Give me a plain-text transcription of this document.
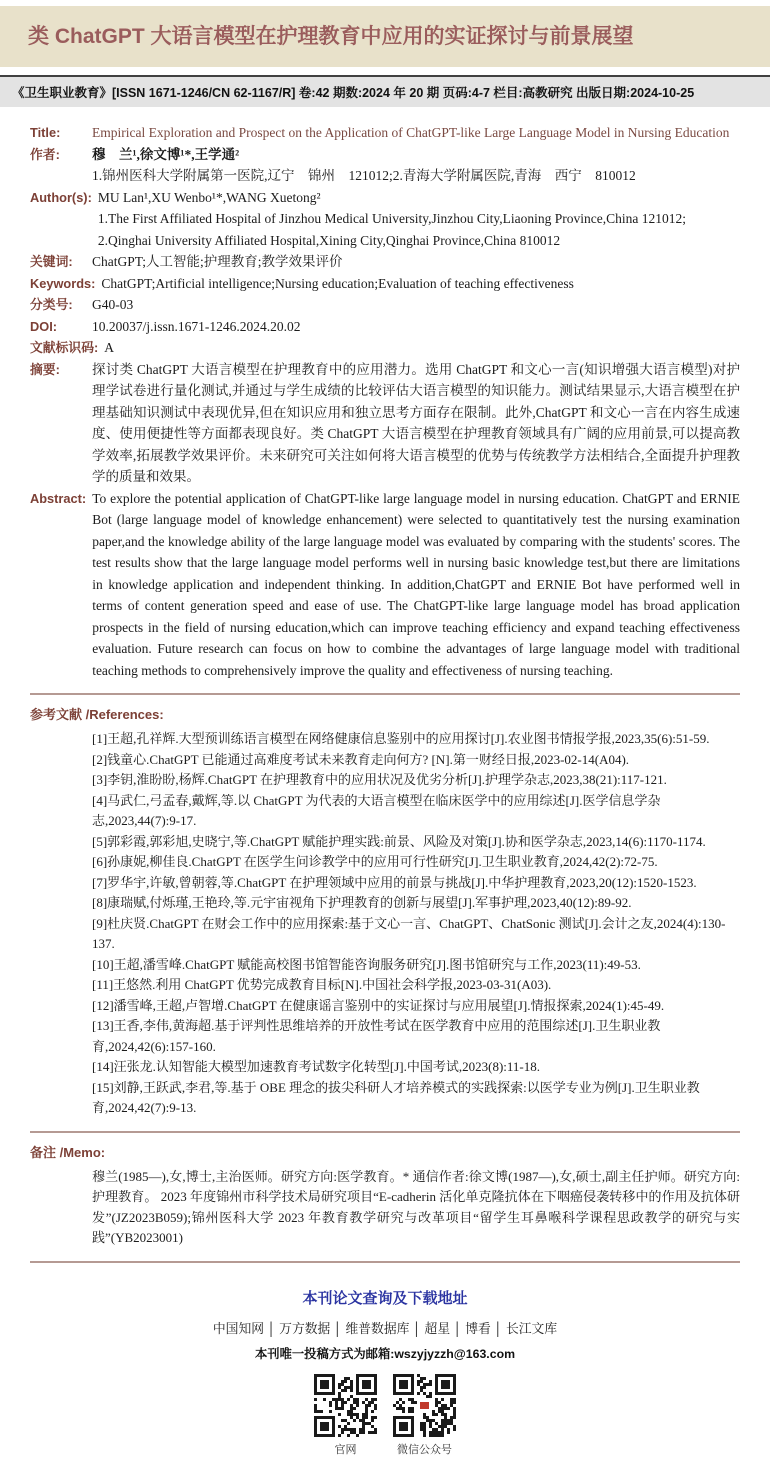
类 ChatGPT 大语言模型在护理教育中应用的实证探讨与前景展望
《卫生职业教育》[ISSN 1671-1246/CN 62-1167/R] 卷:42 期数:2024 年 20 期 页码:4-7 栏目:高教研究 出版日期:2024-10-25
Title:	Empirical Exploration and Prospect on the Application of ChatGPT-like Large Language Model in Nursing Education
作者:	穆　兰¹,徐文博¹*,王学通²
1.锦州医科大学附属第一医院,辽宁　锦州　121012;2.青海大学附属医院,青海　西宁　810012
Author(s): MU Lan¹,XU Wenbo¹*,WANG Xuetong²
1.The First Affiliated Hospital of Jinzhou Medical University,Jinzhou City,Liaoning Province,China 121012;
2.Qinghai University Affiliated Hospital,Xining City,Qinghai Province,China 810012
关键词:	ChatGPT;人工智能;护理教育;教学效果评价
Keywords: ChatGPT;Artificial intelligence;Nursing education;Evaluation of teaching effectiveness
分类号:	G40-03
DOI:	10.20037/j.issn.1671-1246.2024.20.02
文献标识码: A
摘要:	探讨类 ChatGPT 大语言模型在护理教育中的应用潜力。选用 ChatGPT 和文心一言(知识增强大语言模型)对护理学试卷进行量化测试,并通过与学生成绩的比较评估大语言模型的知识能力。测试结果显示,大语言模型在护理基础知识测试中表现优异,但在知识应用和独立思考方面存在限制。此外,ChatGPT 和文心一言在内容生成速度、使用便捷性等方面都表现良好。类 ChatGPT 大语言模型在护理教育领域具有广阔的应用前景,可以提高教学效率,拓展教学效果评价。未来研究可关注如何将大语言模型的优势与传统教学方法相结合,全面提升护理教学的质量和效果。
Abstract: To explore the potential application of ChatGPT-like large language model in nursing education. ChatGPT and ERNIE Bot (large language model of knowledge enhancement) were selected to quantitatively test the nursing examination paper,and the knowledge ability of the large language model was evaluated by comparing with the students' scores. The test results show that the large language model performs well in nursing basic knowledge test,but there are limitations in knowledge application and independent thinking. In addition,ChatGPT and ERNIE Bot have performed well in terms of content generation speed and ease of use. The ChatGPT-like large language model has broad application prospects in the field of nursing education,which can improve teaching efficiency and expand teaching effectiveness evaluation. Future research can focus on how to combine the advantages of large language model with traditional teaching methods to comprehensively improve the quality and effectiveness of nursing teaching.
参考文献 /References:

[1]王超,孔祥辉.大型预训练语言模型在网络健康信息鉴别中的应用探讨[J].农业图书情报学报,2023,35(6):51-59.

[2]钱童心.ChatGPT 已能通过高难度考试未来教育走向何方? [N].第一财经日报,2023-02-14(A04).

[3]李钥,淮盼盼,杨辉.ChatGPT 在护理教育中的应用状况及优劣分析[J].护理学杂志,2023,38(21):117-121.

[4]马武仁,弓孟春,戴辉,等.以 ChatGPT 为代表的大语言模型在临床医学中的应用综述[J].医学信息学杂志,2023,44(7):9-17.

[5]郭彩霞,郭彩旭,史晓宁,等.ChatGPT 赋能护理实践:前景、风险及对策[J].协和医学杂志,2023,14(6):1170-1174.

[6]孙康妮,柳佳良.ChatGPT 在医学生问诊教学中的应用可行性研究[J].卫生职业教育,2024,42(2):72-75.

[7]罗华宇,许敏,曾朝蓉,等.ChatGPT 在护理领域中应用的前景与挑战[J].中华护理教育,2023,20(12):1520-1523.

[8]康瑞赋,付烁瑾,王艳玲,等.元宇宙视角下护理教育的创新与展望[J].军事护理,2023,40(12):89-92.

[9]杜庆贤.ChatGPT 在财会工作中的应用探索:基于文心一言、ChatGPT、ChatSonic 测试[J].会计之友,2024(4):130-137.

[10]王超,潘雪峰.ChatGPT 赋能高校图书馆智能咨询服务研究[J].图书馆研究与工作,2023(11):49-53.

[11]王悠然.利用 ChatGPT 优势完成教育目标[N].中国社会科学报,2023-03-31(A03).

[12]潘雪峰,王超,卢智增.ChatGPT 在健康谣言鉴别中的实证探讨与应用展望[J].情报探索,2024(1):45-49.

[13]王香,李伟,黄海超.基于评判性思维培养的开放性考试在医学教育中应用的范围综述[J].卫生职业教育,2024,42(6):157-160.

[14]汪张龙.认知智能大模型加速教育考试数字化转型[J].中国考试,2023(8):11-18.

[15]刘静,王跃武,李君,等.基于 OBE 理念的拔尖科研人才培养模式的实践探索:以医学专业为例[J].卫生职业教育,2024,42(7):9-13.

备注 /Memo:

穆兰(1985—),女,博士,主治医师。研究方向:医学教育。* 通信作者:徐文博(1987—),女,硕士,副主任护师。研究方向:护理教育。 2023 年度锦州市科学技术局研究项目“E-cadherin 活化单克隆抗体在下咽癌侵袭转移中的作用及抗体研发”(JZ2023B059);锦州医科大学 2023 年教育教学研究与改革项目“留学生耳鼻喉科学课程思政教学的研究与实践”(YB2023001)

本刊论文查询及下载地址
中国知网 │ 万方数据 │ 维普数据库 │ 超星 │ 博看 │ 长江文库
本刊唯一投稿方式为邮箱:wszyjyzzh@163.com
官网	微信公众号
